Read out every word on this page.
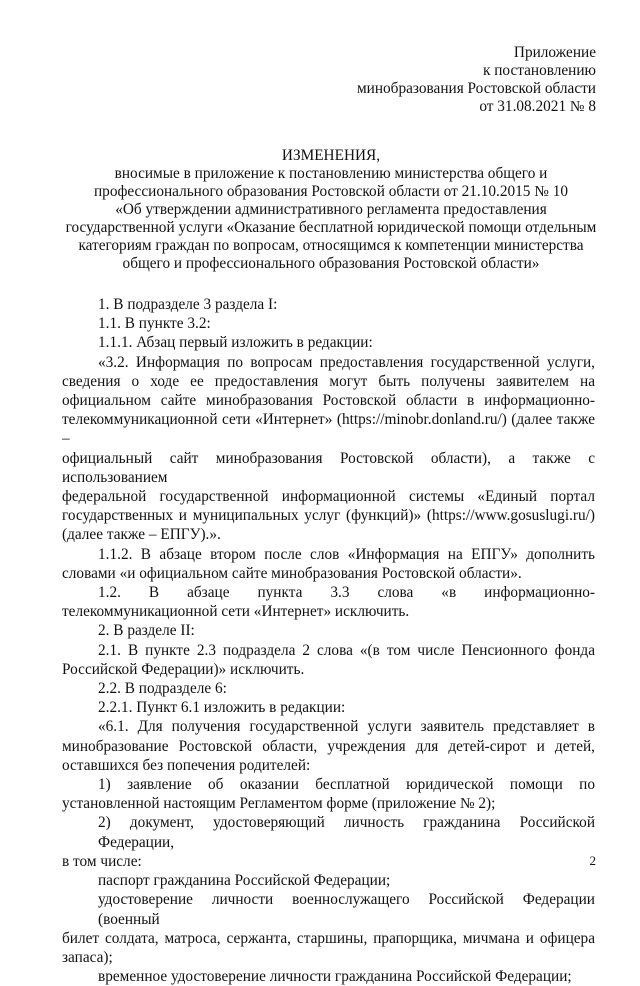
Приложение
к постановлению
минобразования Ростовской области
от 31.08.2021 № 8
ИЗМЕНЕНИЯ,
вносимые в приложение к постановлению министерства общего и
профессионального образования Ростовской области от 21.10.2015 № 10
«Об утверждении административного регламента предоставления
государственной услуги «Оказание бесплатной юридической помощи отдельным
категориям граждан по вопросам, относящимся к компетенции министерства
общего и профессионального образования Ростовской области»
1. В подразделе 3 раздела I:
1.1. В пункте 3.2:
1.1.1. Абзац первый изложить в редакции:
«3.2. Информация по вопросам предоставления государственной услуги,
сведения о ходе ее предоставления могут быть получены заявителем на
официальном сайте минобразования Ростовской области в информационно-
телекоммуникационной сети «Интернет» (https://minobr.donland.ru/) (далее также –
официальный сайт минобразования Ростовской области), а также с использованием
федеральной государственной информационной системы «Единый портал
государственных и муниципальных услуг (функций)» (https://www.gosuslugi.ru/)
(далее также – ЕПГУ).».
1.1.2. В абзаце втором после слов «Информация на ЕПГУ» дополнить
словами «и официальном сайте минобразования Ростовской области».
1.2. В абзаце пункта 3.3 слова «в информационно-
телекоммуникационной сети «Интернет» исключить.
2. В разделе II:
2.1. В пункте 2.3 подраздела 2 слова «(в том числе Пенсионного фонда
Российской Федерации)» исключить.
2.2. В подразделе 6:
2.2.1. Пункт 6.1 изложить в редакции:
«6.1. Для получения государственной услуги заявитель представляет в
минобразование Ростовской области, учреждения для детей-сирот и детей,
оставшихся без попечения родителей:
1) заявление об оказании бесплатной юридической помощи по
установленной настоящим Регламентом форме (приложение № 2);
2) документ, удостоверяющий личность гражданина Российской Федерации,
в том числе:
паспорт гражданина Российской Федерации;
удостоверение личности военнослужащего Российской Федерации (военный
билет солдата, матроса, сержанта, старшины, прапорщика, мичмана и офицера
запаса);
временное удостоверение личности гражданина Российской Федерации;
2
